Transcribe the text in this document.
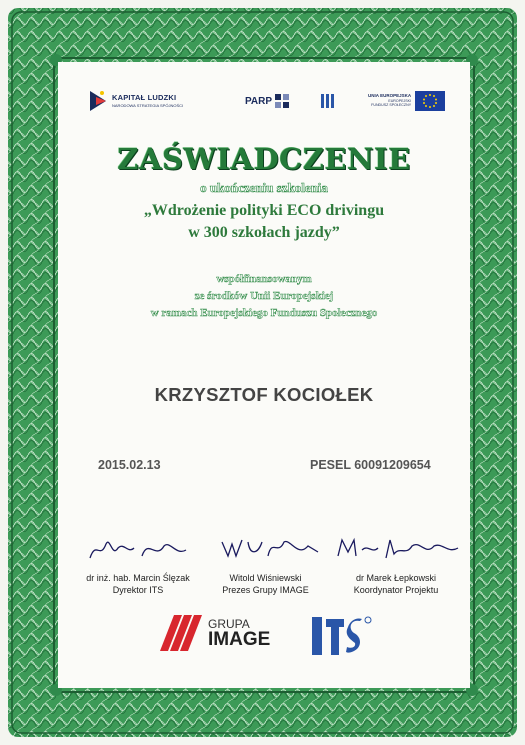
KAPITAŁ LUDZKI
NARODOWA STRATEGIA SPÓJNOŚCI	PARP	UNIA EUROPEJSKA
EUROPEJSKI
FUNDUSZ SPOŁECZNY
ZAŚWIADCZENIE
o ukończeniu szkolenia
„Wdrożenie polityki ECO drivingu
w 300 szkołach jazdy”
współfinansowanym
ze środków Unii Europejskiej
w ramach Europejskiego Funduszu Społecznego
KRZYSZTOF KOCIOŁEK
2015.02.13	PESEL 60091209654
dr inż. hab. Marcin Ślęzak
Dyrektor ITS
Witold Wiśniewski
Prezes Grupy IMAGE
dr Marek Łepkowski
Koordynator Projektu
GRUPA
IMAGE
